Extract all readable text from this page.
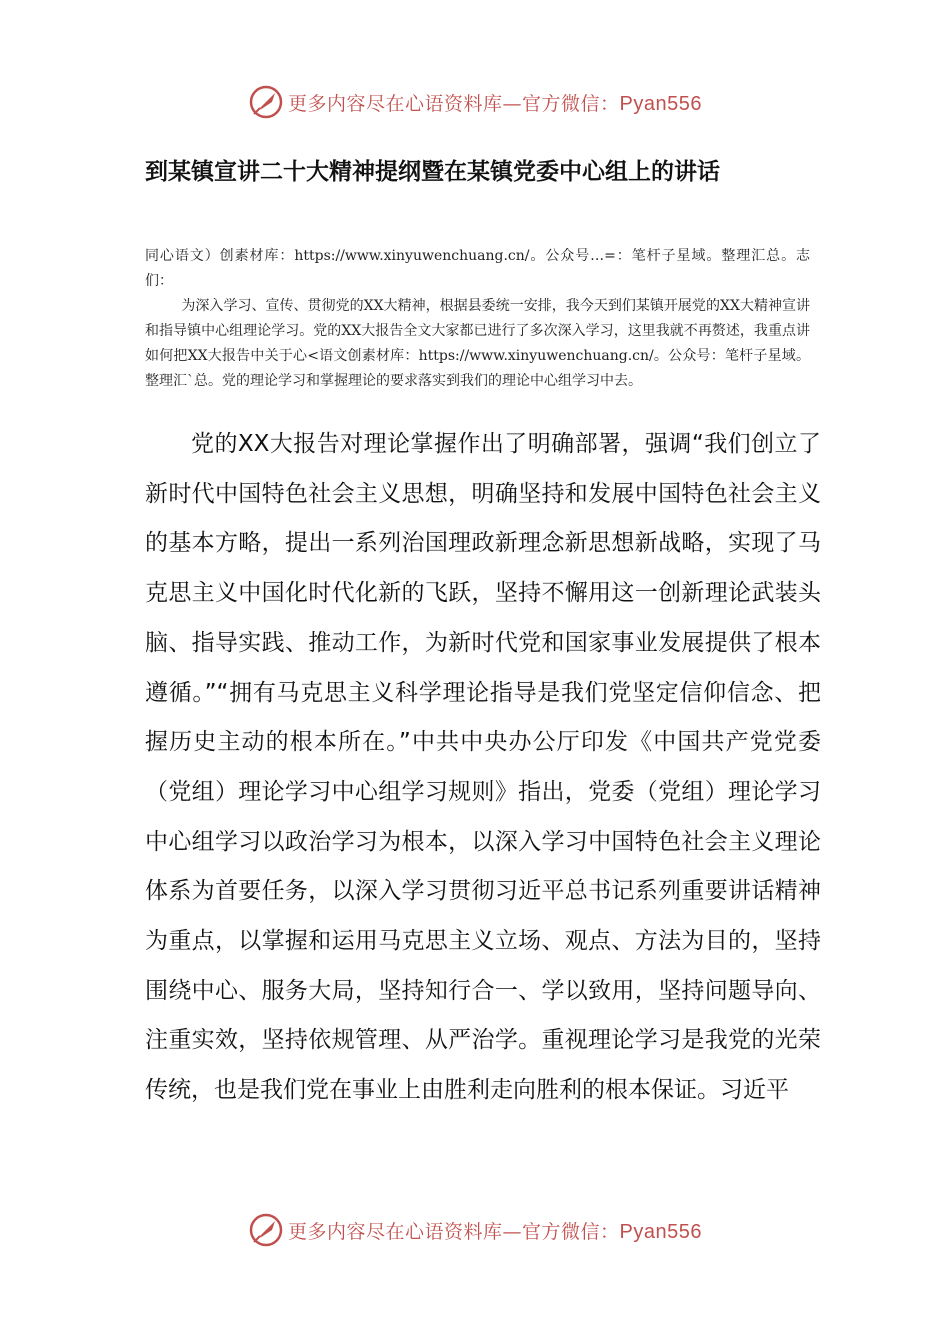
更多内容尽在心语资料库—官方微信：Pyan556
到某镇宣讲二十大精神提纲暨在某镇党委中心组上的讲话
同心语文）创素材库：https://www.xinyuwenchuang.cn/。公众号…=：笔杆子星域。整理汇总。志们：
为深入学习、宣传、贯彻党的XX大精神，根据县委统一安排，我今天到们某镇开展党的XX大精神宣讲和指导镇中心组理论学习。党的XX大报告全文大家都已进行了多次深入学习，这里我就不再赘述，我重点讲如何把XX大报告中关于心<语文创素材库：https://www.xinyuwenchuang.cn/。公众号：笔杆子星域。整理汇`总。党的理论学习和掌握理论的要求落实到我们的理论中心组学习中去。
党的XX大报告对理论掌握作出了明确部署，强调“我们创立了新时代中国特色社会主义思想，明确坚持和发展中国特色社会主义的基本方略，提出一系列治国理政新理念新思想新战略，实现了马克思主义中国化时代化新的飞跃，坚持不懈用这一创新理论武装头脑、指导实践、推动工作，为新时代党和国家事业发展提供了根本遵循。”“拥有马克思主义科学理论指导是我们党坚定信仰信念、把握历史主动的根本所在。”中共中央办公厅印发《中国共产党党委（党组）理论学习中心组学习规则》指出，党委（党组）理论学习中心组学习以政治学习为根本，以深入学习中国特色社会主义理论体系为首要任务，以深入学习贯彻习近平总书记系列重要讲话精神为重点，以掌握和运用马克思主义立场、观点、方法为目的，坚持围绕中心、服务大局，坚持知行合一、学以致用，坚持问题导向、注重实效，坚持依规管理、从严治学。重视理论学习是我党的光荣传统，也是我们党在事业上由胜利走向胜利的根本保证。习近平
更多内容尽在心语资料库—官方微信：Pyan556
